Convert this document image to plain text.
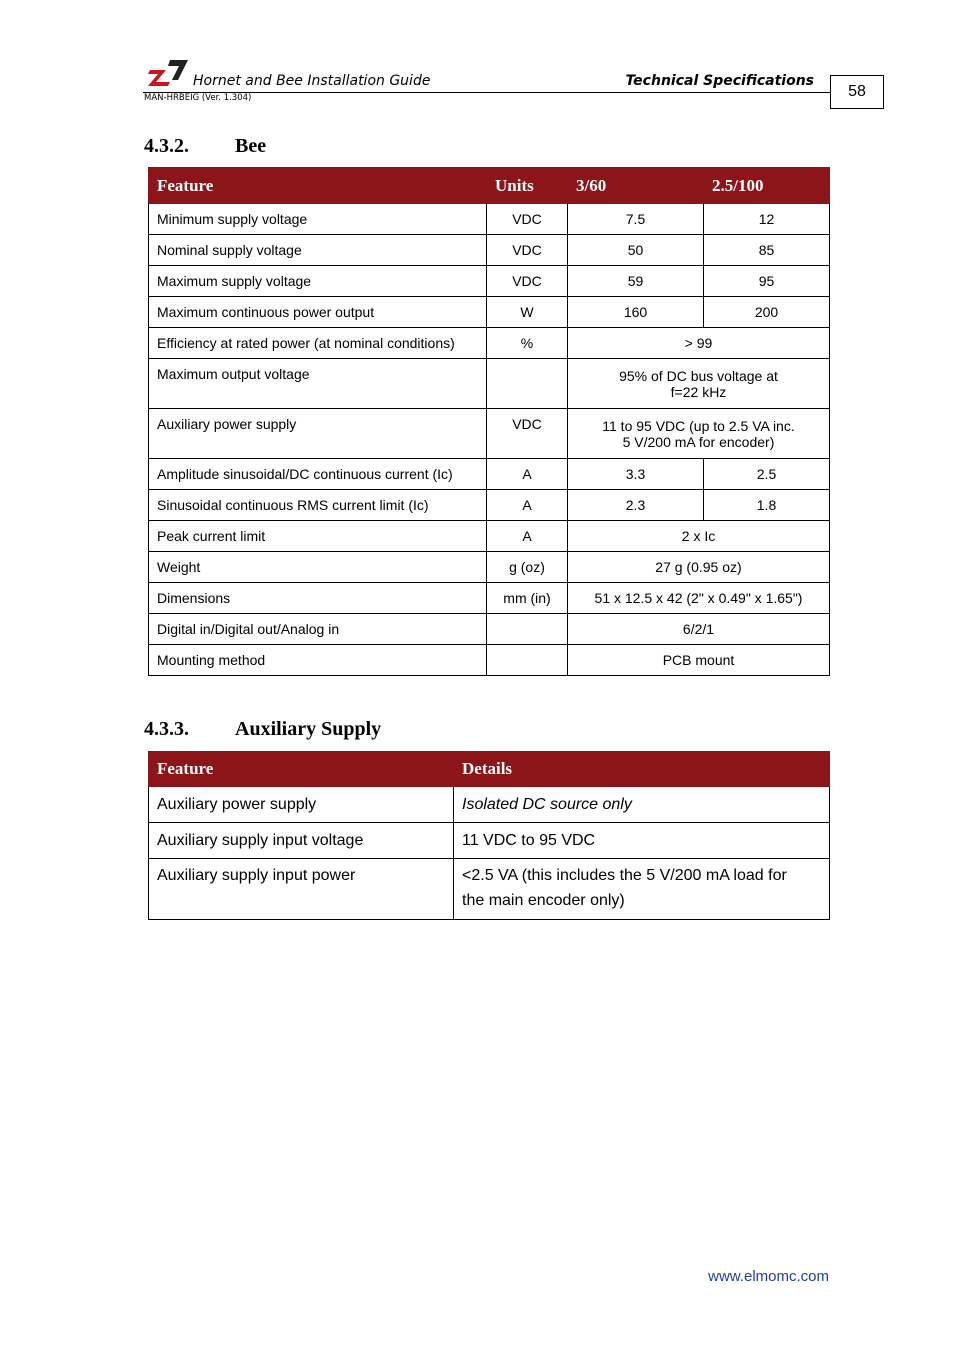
Hornet and Bee Installation Guide	Technical Specifications
MAN-HRBEIG (Ver. 1.304)	58
4.3.2. Bee
Feature	Units	3/60	2.5/100
Minimum supply voltage	VDC	7.5	12
Nominal supply voltage	VDC	50	85
Maximum supply voltage	VDC	59	95
Maximum continuous power output	W	160	200
Efficiency at rated power (at nominal conditions)	%	> 99	
Maximum output voltage		95% of DC bus voltage at
f=22 kHz	

Auxiliary power supply	VDC	11 to 95 VDC (up to 2.5 VA inc.
5 V/200 mA for encoder)	

Amplitude sinusoidal/DC continuous current (Ic)	A	3.3	2.5
Sinusoidal continuous RMS current limit (Ic)	A	2.3	1.8
Peak current limit	A	2 x Ic	
Weight	g (oz)	27 g (0.95 oz)	
Dimensions	mm (in)	51 x 12.5 x 42 (2" x 0.49" x 1.65")	
Digital in/Digital out/Analog in		6/2/1	
Mounting method		PCB mount	
4.3.3. Auxiliary Supply
Feature	Details
Auxiliary power supply	Isolated DC source only
Auxiliary supply input voltage	11 VDC to 95 VDC
Auxiliary supply input power	<2.5 VA (this includes the 5 V/200 mA load for
the main encoder only)
www.elmomc.com
